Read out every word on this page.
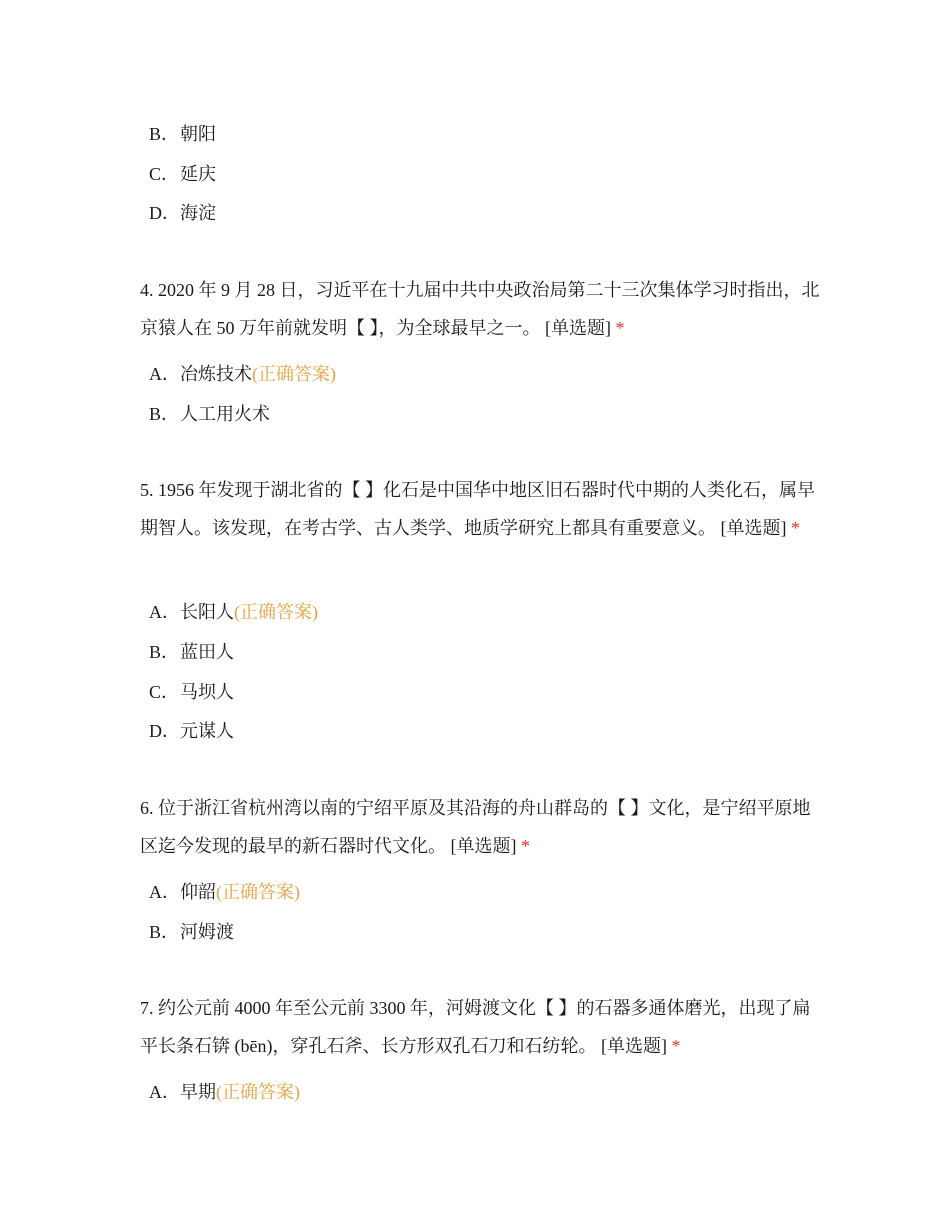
B．朝阳
C．延庆
D．海淀
4. 2020 年 9 月 28 日，习近平在十九届中共中央政治局第二十三次集体学习时指出，北京猿人在 50 万年前就发明【 】，为全球最早之一。 [单选题] *
A．冶炼技术(正确答案)
B．人工用火术
5. 1956 年发现于湖北省的【 】化石是中国华中地区旧石器时代中期的人类化石，属早期智人。该发现，在考古学、古人类学、地质学研究上都具有重要意义。 [单选题] *
A．长阳人(正确答案)
B．蓝田人
C．马坝人
D．元谋人
6. 位于浙江省杭州湾以南的宁绍平原及其沿海的舟山群岛的【 】文化，是宁绍平原地区迄今发现的最早的新石器时代文化。 [单选题] *
A．仰韶(正确答案)
B．河姆渡
7. 约公元前 4000 年至公元前 3300 年，河姆渡文化【 】的石器多通体磨光，出现了扁平长条石锛 (bēn)，穿孔石斧、长方形双孔石刀和石纺轮。 [单选题] *
A．早期(正确答案)
